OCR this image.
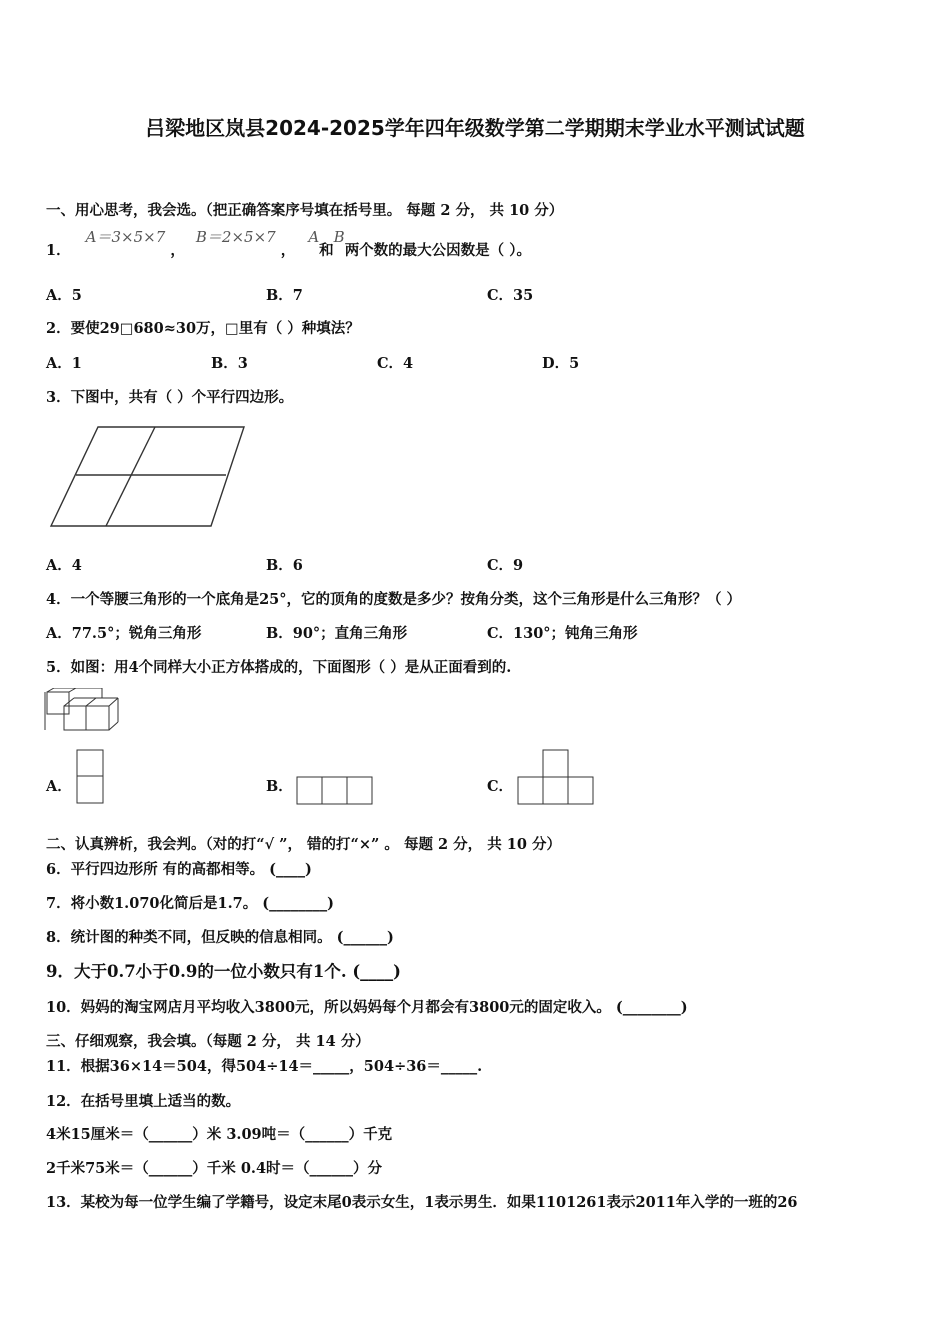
吕梁地区岚县2024-2025学年四年级数学第二学期期末学业水平测试试题
一、用心思考，我会选。（把正确答案序号填在括号里。 每题 2 分， 共 10 分）
1． A＝3×5×7 ， B＝2×5×7 ， A和B两个数的最大公因数是（ ）。
A．5	B．7	C．35
2．要使29□680≈30万，□里有（ ）种填法？
A．1	B．3	C．4	D．5
3．下图中，共有（ ）个平行四边形。
A．4	B．6	C．9
4．一个等腰三角形的一个底角是25°，它的顶角的度数是多少？按角分类，这个三角形是什么三角形？（ ）
A．77.5°；锐角三角形	B．90°；直角三角形	C．130°；钝角三角形
5．如图：用4个同样大小正方体搭成的，下面图形（ ）是从正面看到的.
A．	B．	C．
二、认真辨析，我会判。（对的打“√ ”， 错的打“×” 。 每题 2 分， 共 10 分）
6．平行四边形所 有的高都相等。 (____)
7．将小数1.070化简后是1.7。 (________)
8．统计图的种类不同，但反映的信息相同。 (______)
9．大于0.7小于0.9的一位小数只有1个. (____)
10．妈妈的淘宝网店月平均收入3800元，所以妈妈每个月都会有3800元的固定收入。 (________)
三、仔细观察，我会填。（每题 2 分， 共 14 分）
11．根据36×14＝504，得504÷14＝_____，504÷36＝_____.
12．在括号里填上适当的数。
4米15厘米＝（______）米 3.09吨＝（______）千克
2千米75米＝（______）千米 0.4时＝（______）分
13．某校为每一位学生编了学籍号，设定末尾0表示女生，1表示男生．如果1101261表示2011年入学的一班的26
